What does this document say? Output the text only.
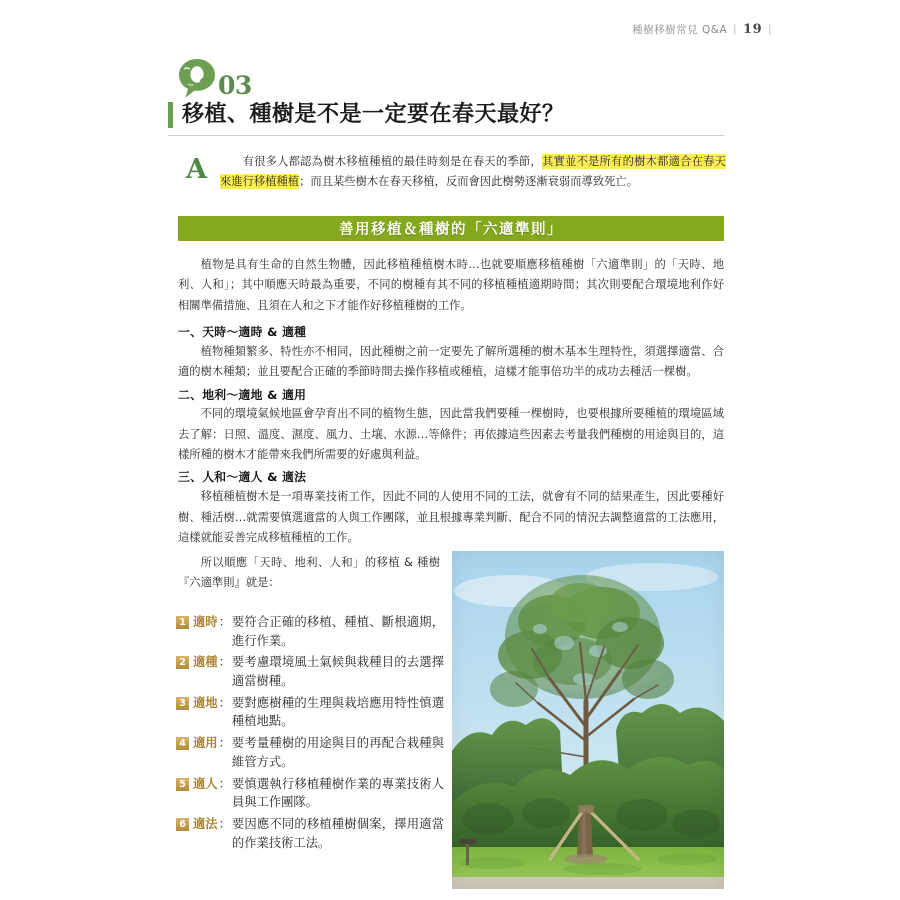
種樹移樹常見 Q&A | 19 |
03
移植、種樹是不是一定要在春天最好？
A	有很多人都認為樹木移植種植的最佳時刻是在春天的季節，其實並不是所有的樹木都適合在春天來進行移植種植；而且某些樹木在春天移植，反而會因此樹勢逐漸衰弱而導致死亡。
善用移植＆種樹的「六適準則」

植物是具有生命的自然生物體，因此移植種植樹木時…也就要順應移植種樹「六適準則」的「天時、地利、人和」；其中順應天時最為重要，不同的樹種有其不同的移植種植適期時間；其次則要配合環境地利作好相關準備措施、且須在人和之下才能作好移植種樹的工作。

一、天時～適時 & 適種

植物種類繁多、特性亦不相同，因此種樹之前一定要先了解所選種的樹木基本生理特性，須選擇適當、合適的樹木種類；並且要配合正確的季節時間去操作移植或種植，這樣才能事倍功半的成功去種活一棵樹。

二、地利～適地 & 適用

不同的環境氣候地區會孕育出不同的植物生態，因此當我們要種一棵樹時，也要根據所要種植的環境區域去了解：日照、溫度、濕度、風力、土壤、水源…等條件；再依據這些因素去考量我們種樹的用途與目的，這樣所種的樹木才能帶來我們所需要的好處與利益。

三、人和～適人 & 適法

移植種植樹木是一項專業技術工作，因此不同的人使用不同的工法，就會有不同的結果產生，因此要種好樹、種活樹…就需要慎選適當的人與工作團隊，並且根據專業判斷、配合不同的情況去調整適當的工法應用，這樣就能妥善完成移植種植的工作。

所以順應「天時、地利、人和」的移植 & 種樹『六適準則』就是：
1 適時 ： 要符合正確的移植、種植、斷根適期，進行作業。
2 適種 ： 要考慮環境風土氣候與栽種目的去選擇適當樹種。
3 適地 ： 要對應樹種的生理與栽培應用特性慎選種植地點。
4 適用 ： 要考量種樹的用途與目的再配合栽種與維管方式。
5 適人 ： 要慎選執行移植種樹作業的專業技術人員與工作團隊。
6 適法 ： 要因應不同的移植種樹個案，擇用適當的作業技術工法。
